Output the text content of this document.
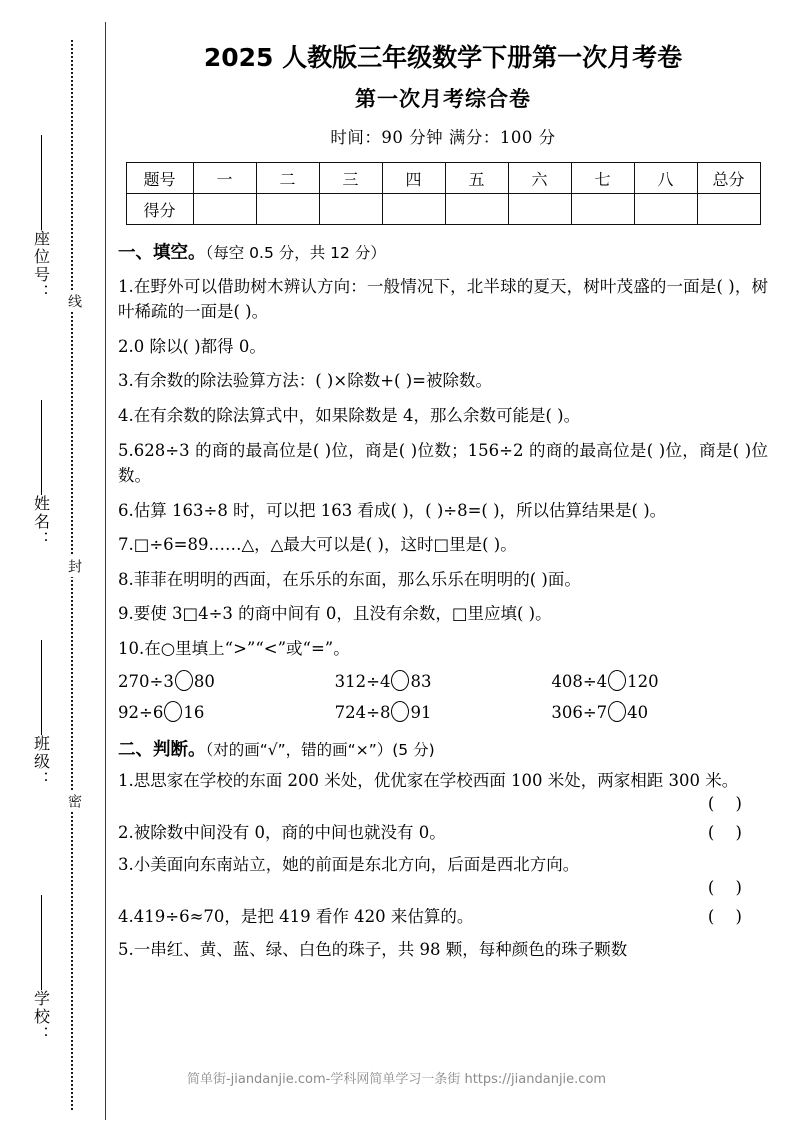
线
封
密
座位号：
姓名：
班级：
学校：
2025 人教版三年级数学下册第一次月考卷
第一次月考综合卷
时间：90 分钟 满分：100 分
题号	一	二	三	四	五	六	七	八	总分
得分									
一、填空。（每空 0.5 分，共 12 分）
1.在野外可以借助树木辨认方向：一般情况下，北半球的夏天，树叶茂盛的一面是( )，树叶稀疏的一面是( )。
2.0 除以( )都得 0。
3.有余数的除法验算方法：( )×除数+( )=被除数。
4.在有余数的除法算式中，如果除数是 4，那么余数可能是( )。
5.628÷3 的商的最高位是( )位，商是( )位数；156÷2 的商的最高位是( )位，商是( )位数。
6.估算 163÷8 时，可以把 163 看成( )，( )÷8=( )，所以估算结果是( )。
7.□÷6=89……△，△最大可以是( )，这时□里是( )。
8.菲菲在明明的西面，在乐乐的东面，那么乐乐在明明的( )面。
9.要使 3□4÷3 的商中间有 0，且没有余数，□里应填( )。
10.在○里填上“>”“<”或“=”。
270÷3 80	312÷4 83	408÷4 120
92÷6 16	724÷8 91	306÷7 40
二、判断。（对的画“√”，错的画“×”）(5 分)
1.思思家在学校的东面 200 米处，优优家在学校西面 100 米处，两家相距 300 米。
( )
2.被除数中间没有 0，商的中间也就没有 0。	( )
3.小美面向东南站立，她的前面是东北方向，后面是西北方向。
( )
4.419÷6≈70，是把 419 看作 420 来估算的。	( )
5.一串红、黄、蓝、绿、白色的珠子，共 98 颗，每种颜色的珠子颗数
简单街-jiandanjie.com-学科网简单学习一条街 https://jiandanjie.com
